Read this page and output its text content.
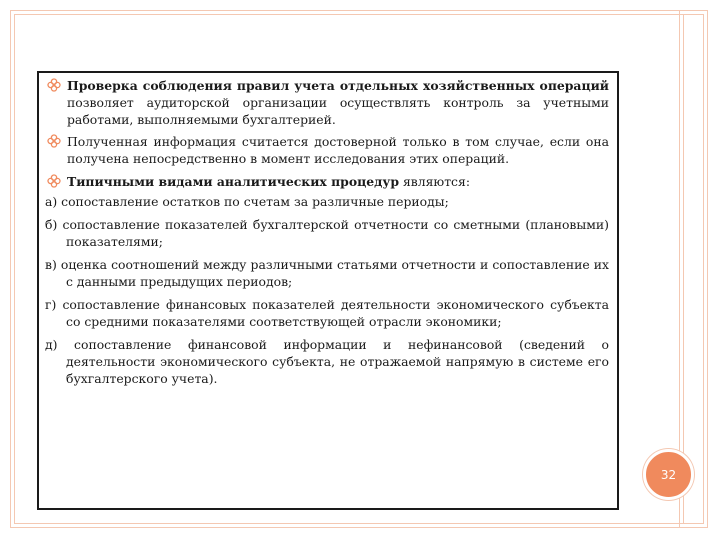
Проверка соблюдения правил учета отдельных хозяйственных операций позволяет аудиторской организации осуществлять контроль за учетными работами, выполняемыми бухгалтерией.
Полученная информация считается достоверной только в том случае, если она получена непосредственно в момент исследования этих операций.
Типичными видами аналитических процедур являются:
а) сопоставление остатков по счетам за различные периоды;
б) сопоставление показателей бухгалтерской отчетности со сметными (плановыми) показателями;
в) оценка соотношений между различными статьями отчетности и сопоставление их с данными предыдущих периодов;
г) сопоставление финансовых показателей деятельности экономического субъекта со средними показателями соответствующей отрасли экономики;
д) сопоставление финансовой информации и нефинансовой (сведений о деятельности экономического субъекта, не отражаемой напрямую в системе его бухгалтерского учета).
32
